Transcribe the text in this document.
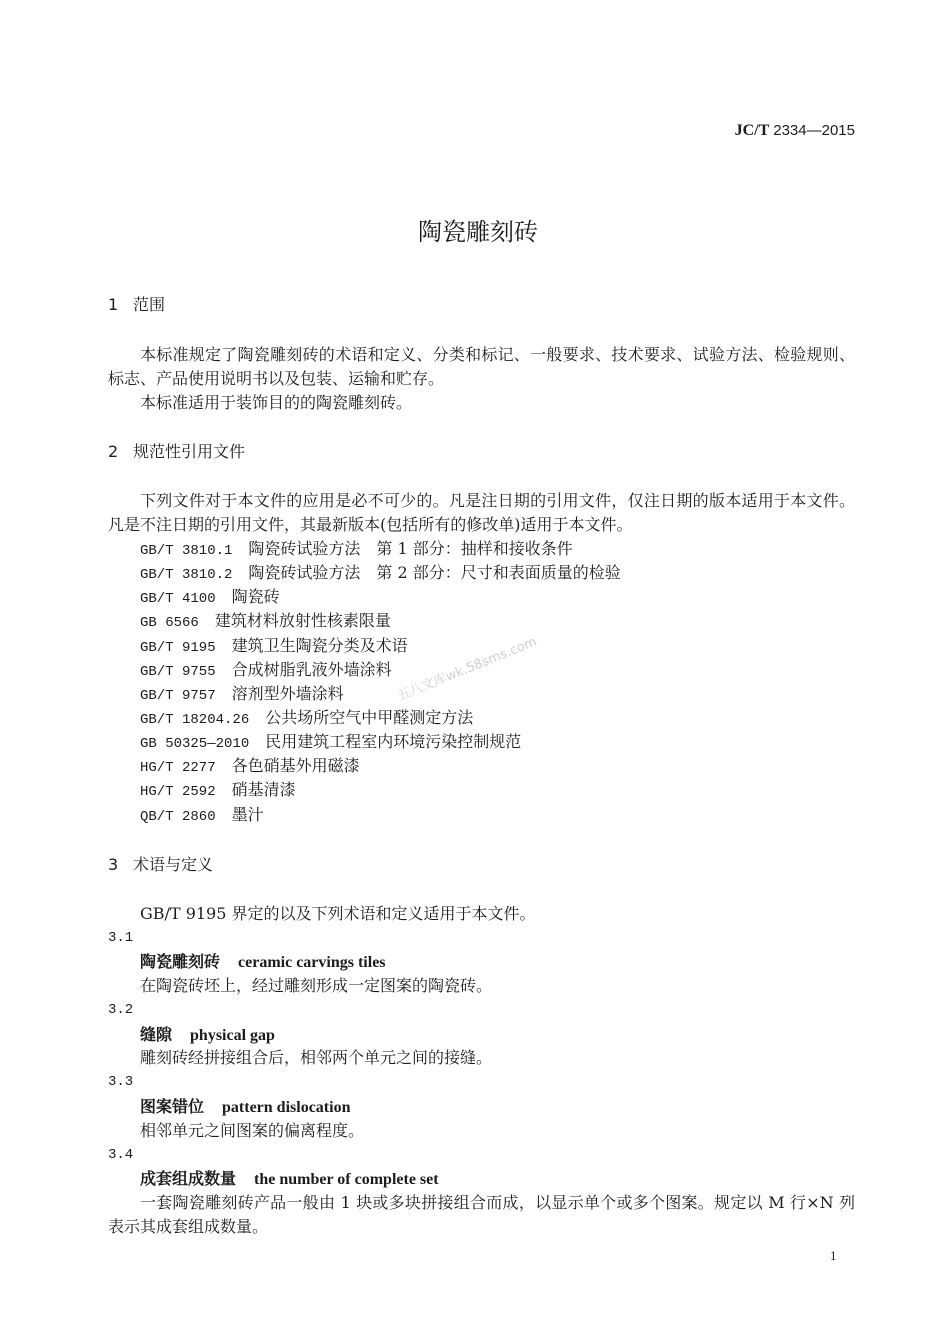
JC/T 2334—2015
陶瓷雕刻砖
1 范围
本标准规定了陶瓷雕刻砖的术语和定义、分类和标记、一般要求、技术要求、试验方法、检验规则、
标志、产品使用说明书以及包装、运输和贮存。
本标准适用于装饰目的的陶瓷雕刻砖。
2 规范性引用文件
下列文件对于本文件的应用是必不可少的。凡是注日期的引用文件，仅注日期的版本适用于本文件。
凡是不注日期的引用文件，其最新版本(包括所有的修改单)适用于本文件。
GB/T 3810.1 陶瓷砖试验方法　第 1 部分：抽样和接收条件
GB/T 3810.2 陶瓷砖试验方法　第 2 部分：尺寸和表面质量的检验
GB/T 4100 陶瓷砖
GB 6566 建筑材料放射性核素限量
GB/T 9195 建筑卫生陶瓷分类及术语
GB/T 9755 合成树脂乳液外墙涂料
GB/T 9757 溶剂型外墙涂料
GB/T 18204.26 公共场所空气中甲醛测定方法
GB 50325—2010 民用建筑工程室内环境污染控制规范
HG/T 2277 各色硝基外用磁漆
HG/T 2592 硝基清漆
QB/T 2860 墨汁
五八文库wk.58sms.com
3 术语与定义
GB/T 9195 界定的以及下列术语和定义适用于本文件。
3.1
陶瓷雕刻砖 ceramic carvings tiles
在陶瓷砖坯上，经过雕刻形成一定图案的陶瓷砖。
3.2
缝隙 physical gap
雕刻砖经拼接组合后，相邻两个单元之间的接缝。
3.3
图案错位 pattern dislocation
相邻单元之间图案的偏离程度。
3.4
成套组成数量 the number of complete set
一套陶瓷雕刻砖产品一般由 1 块或多块拼接组合而成，以显示单个或多个图案。规定以 M 行×N 列
表示其成套组成数量。
1
